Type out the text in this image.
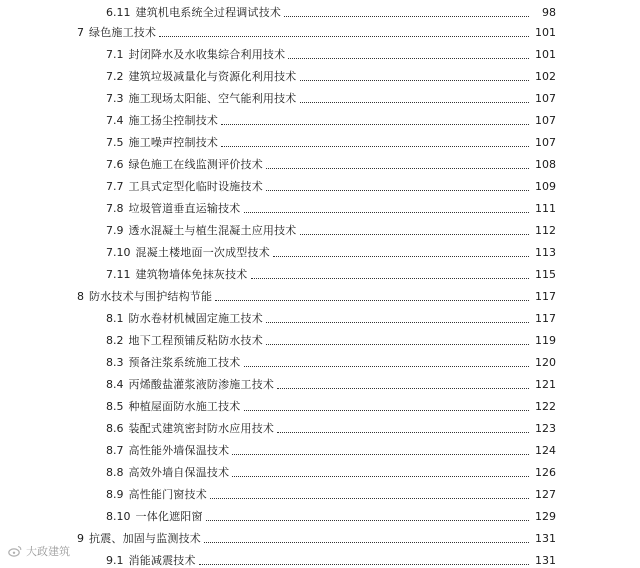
6.11 建筑机电系统全过程调试技术	98
7 绿色施工技术	101
7.1 封闭降水及水收集综合利用技术	101
7.2 建筑垃圾减量化与资源化利用技术	102
7.3 施工现场太阳能、空气能利用技术	107
7.4 施工扬尘控制技术	107
7.5 施工噪声控制技术	107
7.6 绿色施工在线监测评价技术	108
7.7 工具式定型化临时设施技术	109
7.8 垃圾管道垂直运输技术	111
7.9 透水混凝土与植生混凝土应用技术	112
7.10 混凝土楼地面一次成型技术	113
7.11 建筑物墙体免抹灰技术	115
8 防水技术与围护结构节能	117
8.1 防水卷材机械固定施工技术	117
8.2 地下工程预铺反粘防水技术	119
8.3 预备注浆系统施工技术	120
8.4 丙烯酸盐灌浆液防渗施工技术	121
8.5 种植屋面防水施工技术	122
8.6 装配式建筑密封防水应用技术	123
8.7 高性能外墙保温技术	124
8.8 高效外墙自保温技术	126
8.9 高性能门窗技术	127
8.10 一体化遮阳窗	129
9 抗震、加固与监测技术	131
9.1 消能减震技术	131
大政建筑
